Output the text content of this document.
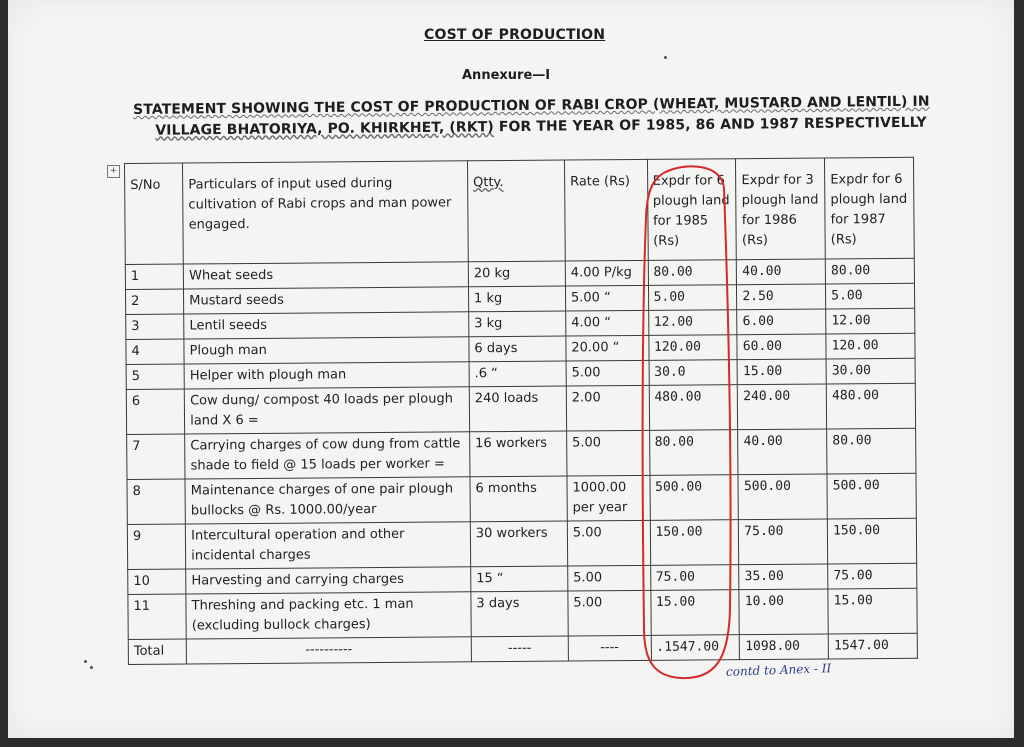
COST OF PRODUCTION
Annexure—I
STATEMENT SHOWING THE COST OF PRODUCTION OF RABI CROP (WHEAT, MUSTARD AND LENTIL) IN
VILLAGE BHATORIYA, PO. KHIRKHET, (RKT) FOR THE YEAR OF 1985, 86 AND 1987 RESPECTIVELLY
+
S/No	Particulars of input used during cultivation of Rabi crops and man power engaged.	Qtty.	Rate (Rs)	Expdr for 6 plough land for 1985 (Rs)	Expdr for 3 plough land for 1986 (Rs)	Expdr for 6 plough land for 1987 (Rs)
1	Wheat seeds	20 kg	4.00 P/kg	80.00	40.00	80.00
2	Mustard seeds	1 kg	5.00 “	5.00	2.50	5.00
3	Lentil seeds	3 kg	4.00 “	12.00	6.00	12.00
4	Plough man	6 days	20.00 “	120.00	60.00	120.00
5	Helper with plough man	.6 “	5.00	30.0	15.00	30.00
6	Cow dung/ compost 40 loads per plough land X 6 =	240 loads	2.00	480.00	240.00	480.00
7	Carrying charges of cow dung from cattle shade to field @ 15 loads per worker =	16 workers	5.00	80.00	40.00	80.00
8	Maintenance charges of one pair plough bullocks @ Rs. 1000.00/year	6 months	1000.00 per year	500.00	500.00	500.00
9	Intercultural operation and other incidental charges	30 workers	5.00	150.00	75.00	150.00
10	Harvesting and carrying charges	15 “	5.00	75.00	35.00	75.00
11	Threshing and packing etc. 1 man (excluding bullock charges)	3 days	5.00	15.00	10.00	15.00
Total	----------	-----	----	.1547.00	1098.00	1547.00
contd to Anex - II
